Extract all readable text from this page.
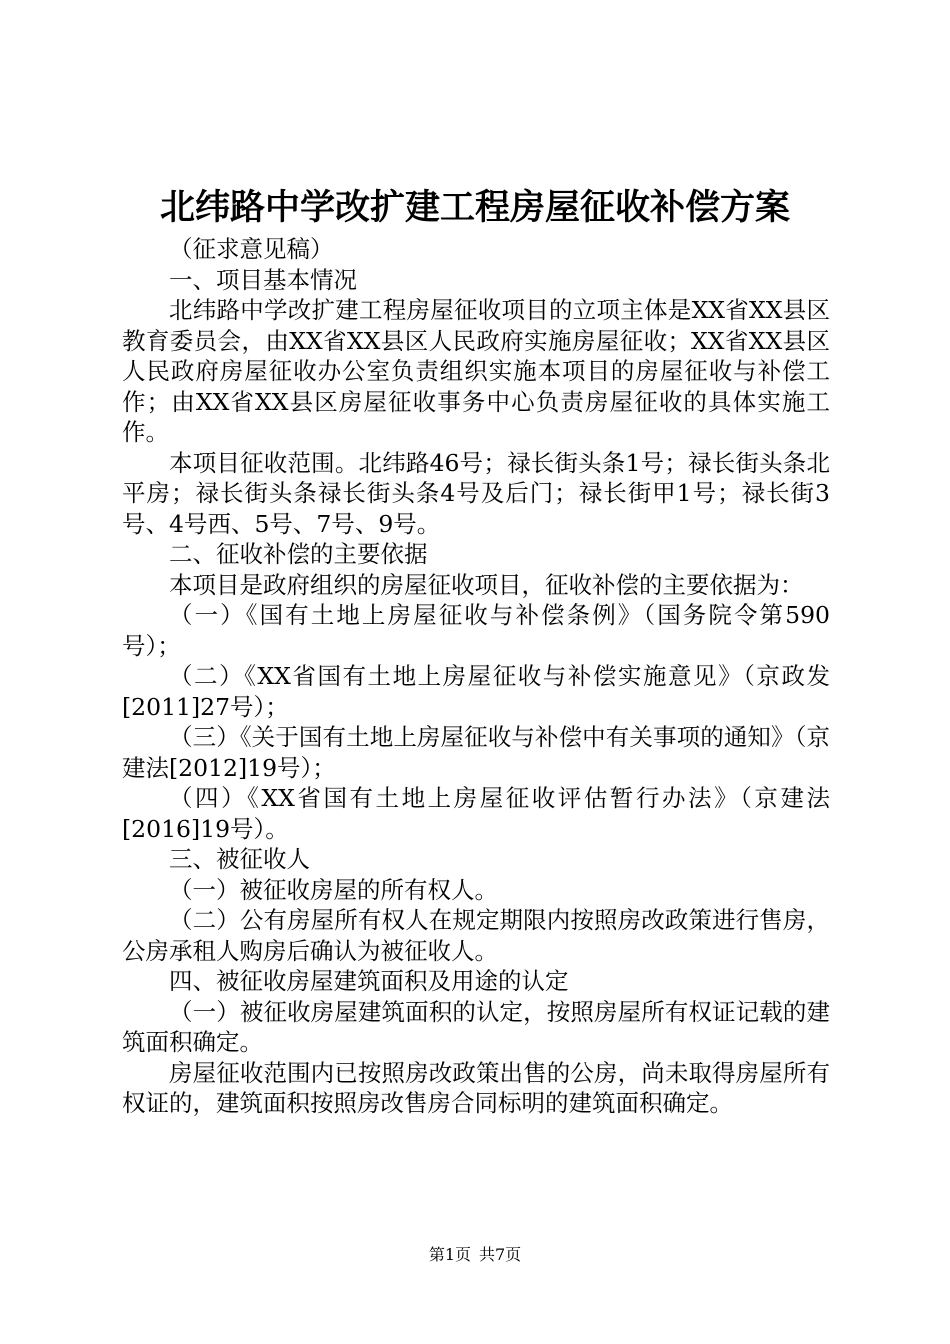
北纬路中学改扩建工程房屋征收补偿方案

（征求意见稿）

一、项目基本情况

北纬路中学改扩建工程房屋征收项目的立项主体是XX省XX县区教育委员会，由XX省XX县区人民政府实施房屋征收；XX省XX县区人民政府房屋征收办公室负责组织实施本项目的房屋征收与补偿工作；由XX省XX县区房屋征收事务中心负责房屋征收的具体实施工作。

本项目征收范围。北纬路46号；禄长街头条1号；禄长街头条北平房；禄长街头条禄长街头条4号及后门；禄长街甲1号；禄长街3号、4号西、5号、7号、9号。

二、征收补偿的主要依据

本项目是政府组织的房屋征收项目，征收补偿的主要依据为：

（一）《国有土地上房屋征收与补偿条例》（国务院令第590号）；

（二）《XX省国有土地上房屋征收与补偿实施意见》（京政发[2011]27号）；

（三）《关于国有土地上房屋征收与补偿中有关事项的通知》（京建法[2012]19号）；

（四）《XX省国有土地上房屋征收评估暂行办法》（京建法[2016]19号）。

三、被征收人

（一）被征收房屋的所有权人。

（二）公有房屋所有权人在规定期限内按照房改政策进行售房，公房承租人购房后确认为被征收人。

四、被征收房屋建筑面积及用途的认定

（一）被征收房屋建筑面积的认定，按照房屋所有权证记载的建筑面积确定。

房屋征收范围内已按照房改政策出售的公房，尚未取得房屋所有权证的，建筑面积按照房改售房合同标明的建筑面积确定。

第1页 共7页
